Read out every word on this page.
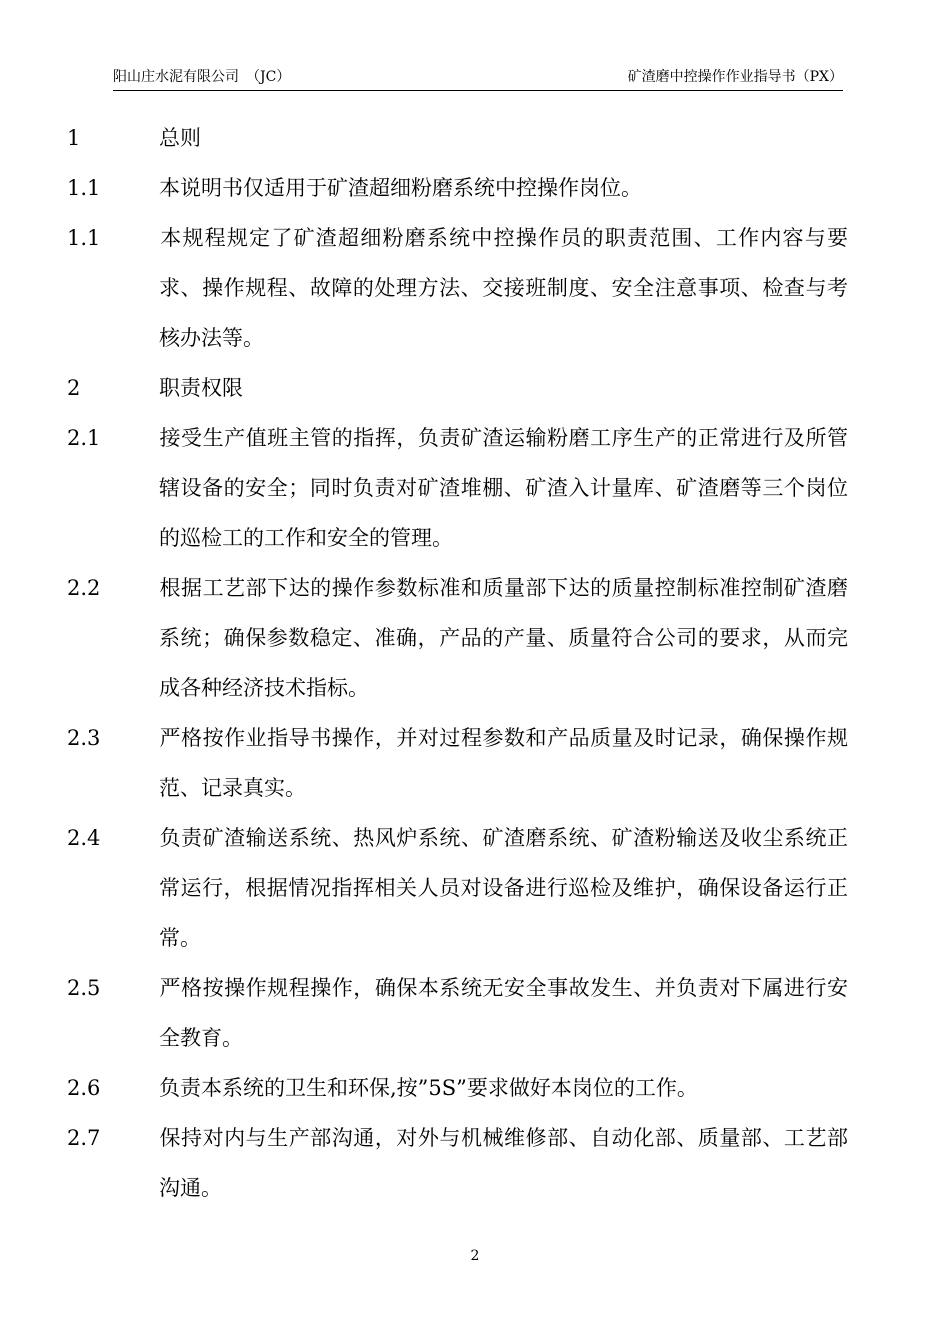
阳山庄水泥有限公司　（JC）	矿渣磨中控操作作业指导书（PX）
1	总则
1.1	本说明书仅适用于矿渣超细粉磨系统中控操作岗位。
1.1	本规程规定了矿渣超细粉磨系统中控操作员的职责范围、工作内容与要求、操作规程、故障的处理方法、交接班制度、安全注意事项、检查与考核办法等。
2	职责权限
2.1	接受生产值班主管的指挥，负责矿渣运输粉磨工序生产的正常进行及所管辖设备的安全；同时负责对矿渣堆棚、矿渣入计量库、矿渣磨等三个岗位的巡检工的工作和安全的管理。
2.2	根据工艺部下达的操作参数标准和质量部下达的质量控制标准控制矿渣磨系统；确保参数稳定、准确，产品的产量、质量符合公司的要求，从而完成各种经济技术指标。
2.3	严格按作业指导书操作，并对过程参数和产品质量及时记录，确保操作规范、记录真实。
2.4	负责矿渣输送系统、热风炉系统、矿渣磨系统、矿渣粉输送及收尘系统正常运行，根据情况指挥相关人员对设备进行巡检及维护，确保设备运行正常。
2.5	严格按操作规程操作，确保本系统无安全事故发生、并负责对下属进行安全教育。
2.6	负责本系统的卫生和环保,按”5S”要求做好本岗位的工作。
2.7	保持对内与生产部沟通，对外与机械维修部、自动化部、质量部、工艺部沟通。
2
